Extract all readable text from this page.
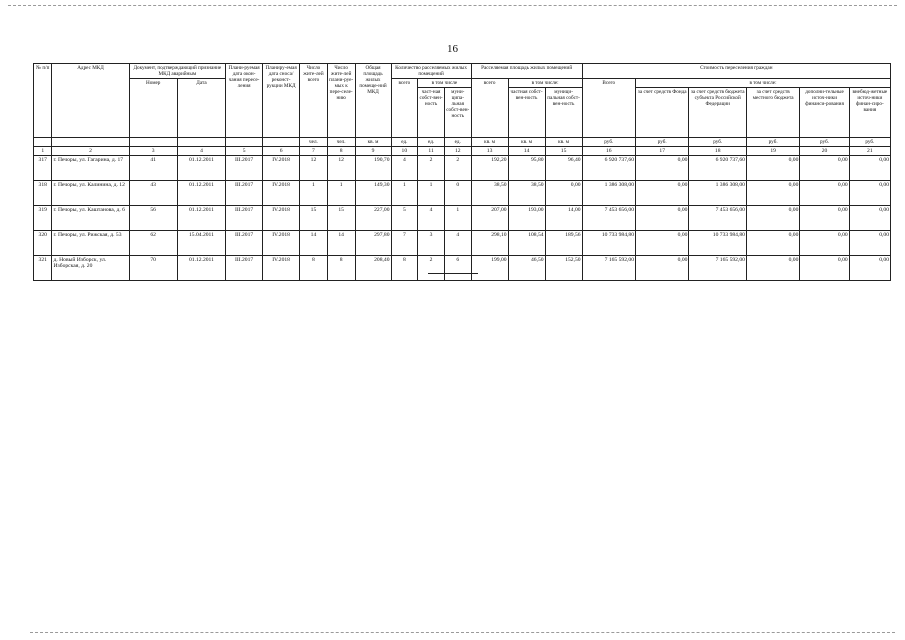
16
№ п/п	Адрес МКД	Документ, подтверждающий признание МКД аварийным		Плани-руемая дата окон-чания пересе-ления	Планиру-емая дата сноса/ реконст-рукции МКД	Число жите-лей всего	Число жите-лей плани-руе-мых к пере-селе-нию	Общая площадь жилых помеще-ний МКД	Количество расселяемых жилых помещений			Расселяемая площадь жилых помещений			Стоимость переселения граждан					
		Номер	Дата						всего	в том числе		всего	в том числе:		Всего	в том числе:				
										част-ная собст-вен-ность	муни-ципа-льная собст-вен-ность		частная собст-вен-ность	муници-пальная собст-вен-ность		за счет средств Фонда	за счет средств бюджета субъекта Российской Федерации	за счет средств местного бюджета	дополни-тельные источ-ники финанси-рования	внебюд-жетные источ-ники финан-сиро-вания

						чел.	чел.	кв. м	ед.	ед.	ед.	кв. м	кв. м	кв. м	руб.	руб.	руб.	руб.	руб.	руб.
1	2	3	4	5	6	7	8	9	10	11	12	13	14	15	16	17	18	19	20	21
317	г. Печоры, ул. Гагарина, д. 17	41	01.12.2011	III.2017	IV.2018	12	12	190,70	4	2	2	192,20	95,80	96,40	6 920 737,60	0,00	6 920 737,60	0,00	0,00	0,00
318	г. Печоры, ул. Калинина, д. 12	43	01.12.2011	III.2017	IV.2018	1	1	149,30	1	1	0	38,50	38,50	0,00	1 386 308,00	0,00	1 386 308,00	0,00	0,00	0,00
319	г. Печоры, ул. Каштанова, д. 6	56	01.12.2011	III.2017	IV.2018	15	15	227,00	5	4	1	207,00	193,00	14,00	7 453 656,00	0,00	7 453 656,00	0,00	0,00	0,00
320	г. Печоры, ул. Рижская, д. 53	62	15.04.2011	III.2017	IV.2018	14	14	297,80	7	3	4	298,10	108,54	189,56	10 733 984,80	0,00	10 733 984,80	0,00	0,00	0,00
321	д. Новый Изборск, ул. Изборская, д. 20	70	01.12.2011	III.2017	IV.2018	8	8	208,40	8	2	6	199,00	46,50	152,50	7 165 592,00	0,00	7 165 592,00	0,00	0,00	0,00
